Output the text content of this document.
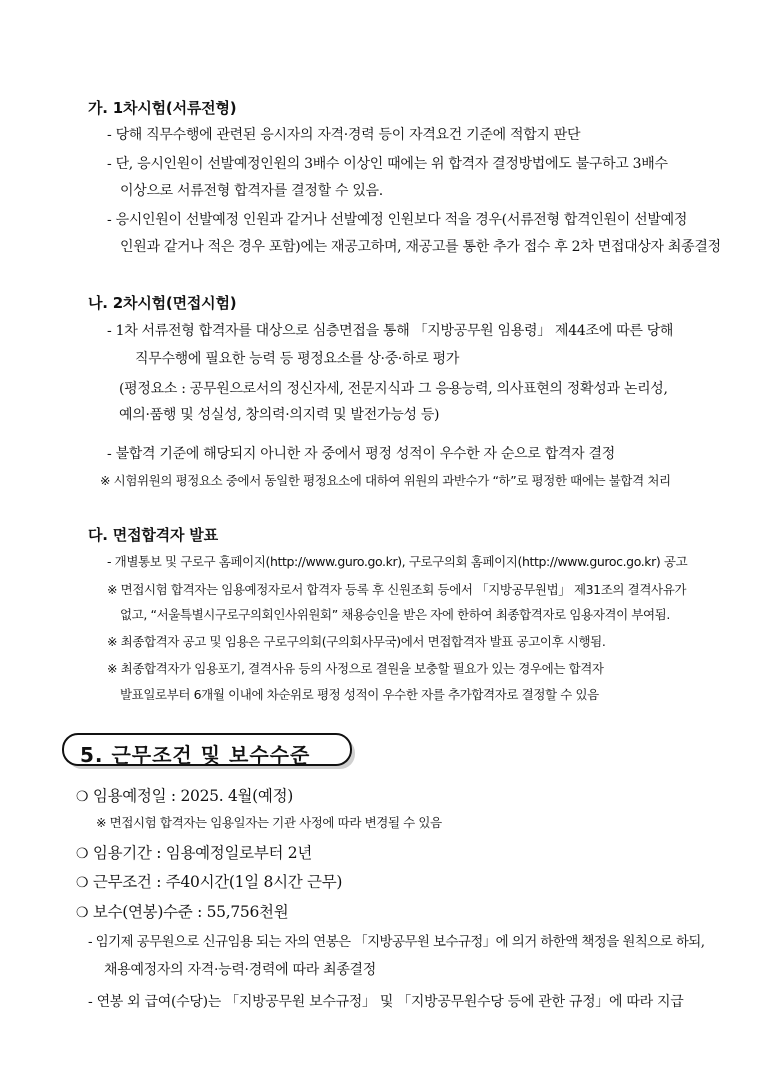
가. 1차시험(서류전형)
- 당해 직무수행에 관련된 응시자의 자격·경력 등이 자격요건 기준에 적합지 판단
- 단, 응시인원이 선발예정인원의 3배수 이상인 때에는 위 합격자 결정방법에도 불구하고 3배수
이상으로 서류전형 합격자를 결정할 수 있음.
- 응시인원이 선발예정 인원과 같거나 선발예정 인원보다 적을 경우(서류전형 합격인원이 선발예정
인원과 같거나 적은 경우 포함)에는 재공고하며, 재공고를 통한 추가 접수 후 2차 면접대상자 최종결정
나. 2차시험(면접시험)
- 1차 서류전형 합격자를 대상으로 심층면접을 통해 「지방공무원 임용령」 제44조에 따른 당해
직무수행에 필요한 능력 등 평정요소를 상·중·하로 평가
(평정요소 : 공무원으로서의 정신자세, 전문지식과 그 응용능력, 의사표현의 정확성과 논리성,
예의·품행 및 성실성, 창의력·의지력 및 발전가능성 등)
- 불합격 기준에 해당되지 아니한 자 중에서 평정 성적이 우수한 자 순으로 합격자 결정
※ 시험위원의 평정요소 중에서 동일한 평정요소에 대하여 위원의 과반수가 “하”로 평정한 때에는 불합격 처리
다. 면접합격자 발표
- 개별통보 및 구로구 홈페이지(http://www.guro.go.kr), 구로구의회 홈페이지(http://www.guroc.go.kr) 공고
※ 면접시험 합격자는 임용예정자로서 합격자 등록 후 신원조회 등에서 「지방공무원법」 제31조의 결격사유가
없고, “서울특별시구로구의회인사위원회” 채용승인을 받은 자에 한하여 최종합격자로 임용자격이 부여됨.
※ 최종합격자 공고 및 임용은 구로구의회(구의회사무국)에서 면접합격자 발표 공고이후 시행됨.
※ 최종합격자가 임용포기, 결격사유 등의 사정으로 결원을 보충할 필요가 있는 경우에는 합격자
발표일로부터 6개월 이내에 차순위로 평정 성적이 우수한 자를 추가합격자로 결정할 수 있음
5. 근무조건 및 보수수준
❍ 임용예정일 : 2025. 4월(예정)
※ 면접시험 합격자는 임용일자는 기관 사정에 따라 변경될 수 있음
❍ 임용기간 : 임용예정일로부터 2년
❍ 근무조건 : 주40시간(1일 8시간 근무)
❍ 보수(연봉)수준 : 55,756천원
- 임기제 공무원으로 신규임용 되는 자의 연봉은 「지방공무원 보수규정」에 의거 하한액 책정을 원칙으로 하되,
채용예정자의 자격·능력·경력에 따라 최종결정
- 연봉 외 급여(수당)는 「지방공무원 보수규정」 및 「지방공무원수당 등에 관한 규정」에 따라 지급
